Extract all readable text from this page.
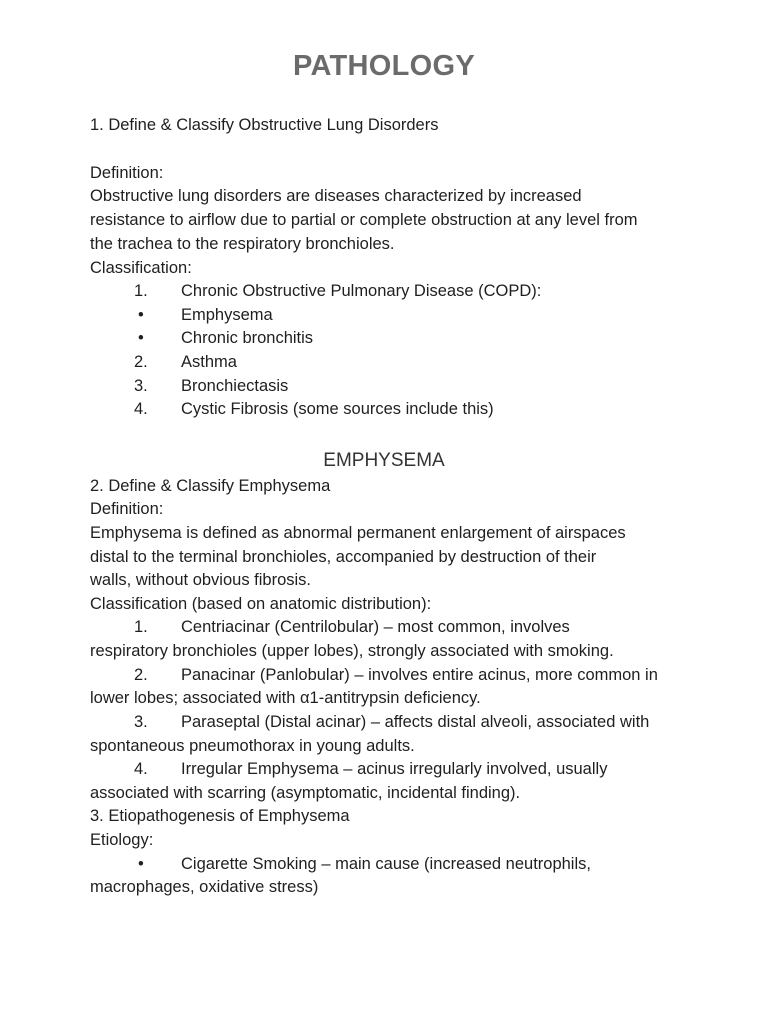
PATHOLOGY
1. Define & Classify Obstructive Lung Disorders
Definition:
Obstructive lung disorders are diseases characterized by increased
resistance to airflow due to partial or complete obstruction at any level from
the trachea to the respiratory bronchioles.
Classification:
1. Chronic Obstructive Pulmonary Disease (COPD):
• Emphysema
• Chronic bronchitis
2. Asthma
3. Bronchiectasis
4. Cystic Fibrosis (some sources include this)
EMPHYSEMA
2. Define & Classify Emphysema
Definition:
Emphysema is defined as abnormal permanent enlargement of airspaces
distal to the terminal bronchioles, accompanied by destruction of their
walls, without obvious fibrosis.
Classification (based on anatomic distribution):
1. Centriacinar (Centrilobular) – most common, involves
respiratory bronchioles (upper lobes), strongly associated with smoking.
2. Panacinar (Panlobular) – involves entire acinus, more common in
lower lobes; associated with α1-antitrypsin deficiency.
3. Paraseptal (Distal acinar) – affects distal alveoli, associated with
spontaneous pneumothorax in young adults.
4. Irregular Emphysema – acinus irregularly involved, usually
associated with scarring (asymptomatic, incidental finding).
3. Etiopathogenesis of Emphysema
Etiology:
• Cigarette Smoking – main cause (increased neutrophils,
macrophages, oxidative stress)
